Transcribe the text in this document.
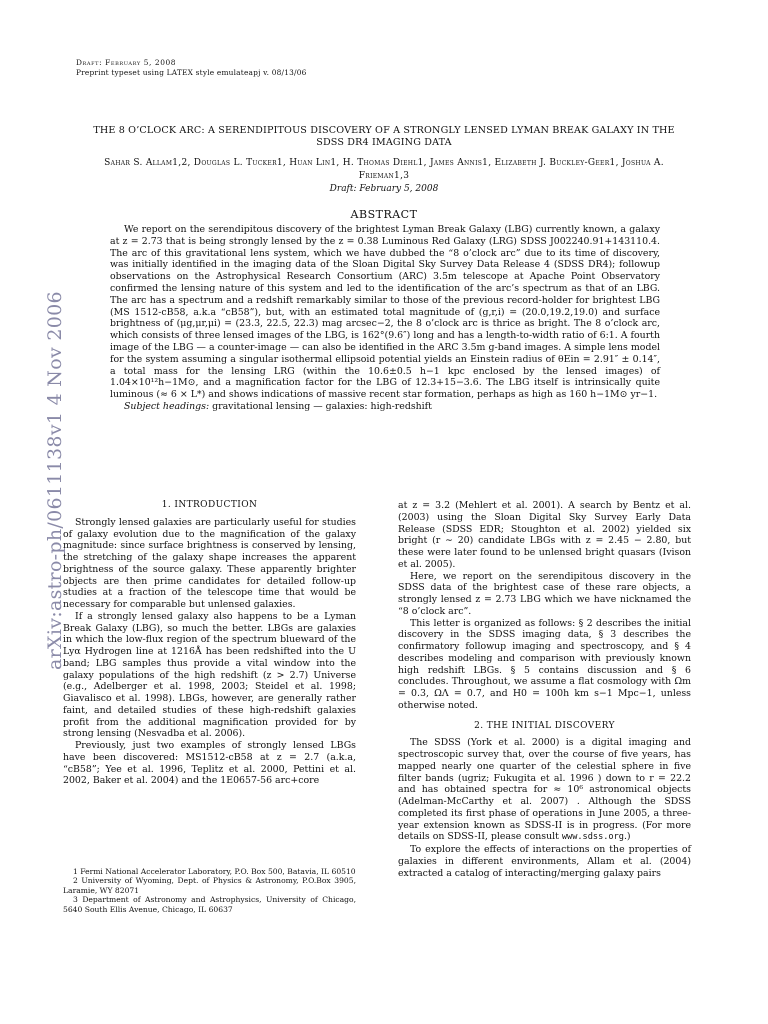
Draft: February 5, 2008
Preprint typeset using LATEX style emulateapj v. 08/13/06
arXiv:astro-ph/0611138v1 4 Nov 2006
THE 8 O’CLOCK ARC: A SERENDIPITOUS DISCOVERY OF A STRONGLY LENSED LYMAN BREAK GALAXY IN THE SDSS DR4 IMAGING DATA
Sahar S. Allam1,2, Douglas L. Tucker1, Huan Lin1, H. Thomas Diehl1, James Annis1, Elizabeth J. Buckley-Geer1, Joshua A. Frieman1,3
Draft: February 5, 2008
ABSTRACT

We report on the serendipitous discovery of the brightest Lyman Break Galaxy (LBG) currently known, a galaxy at z = 2.73 that is being strongly lensed by the z = 0.38 Luminous Red Galaxy (LRG) SDSS J002240.91+143110.4. The arc of this gravitational lens system, which we have dubbed the “8 o’clock arc” due to its time of discovery, was initially identified in the imaging data of the Sloan Digital Sky Survey Data Release 4 (SDSS DR4); followup observations on the Astrophysical Research Consortium (ARC) 3.5m telescope at Apache Point Observatory confirmed the lensing nature of this system and led to the identification of the arc’s spectrum as that of an LBG. The arc has a spectrum and a redshift remarkably similar to those of the previous record-holder for brightest LBG (MS 1512-cB58, a.k.a “cB58”), but, with an estimated total magnitude of (g,r,i) = (20.0,19.2,19.0) and surface brightness of (μg,μr,μi) = (23.3, 22.5, 22.3) mag arcsec−2, the 8 o’clock arc is thrice as bright. The 8 o’clock arc, which consists of three lensed images of the LBG, is 162°(9.6″) long and has a length-to-width ratio of 6:1. A fourth image of the LBG — a counter-image — can also be identified in the ARC 3.5m g-band images. A simple lens model for the system assuming a singular isothermal ellipsoid potential yields an Einstein radius of θEin = 2.91″ ± 0.14″, a total mass for the lensing LRG (within the 10.6±0.5 h−1 kpc enclosed by the lensed images) of 1.04×10¹²h−1M⊙, and a magnification factor for the LBG of 12.3+15−3.6. The LBG itself is intrinsically quite luminous (≈ 6 × L*) and shows indications of massive recent star formation, perhaps as high as 160 h−1M⊙ yr−1.

Subject headings: gravitational lensing — galaxies: high-redshift

1. INTRODUCTION

Strongly lensed galaxies are particularly useful for studies of galaxy evolution due to the magnification of the galaxy magnitude: since surface brightness is conserved by lensing, the stretching of the galaxy shape increases the apparent brightness of the source galaxy. These apparently brighter objects are then prime candidates for detailed follow-up studies at a fraction of the telescope time that would be necessary for comparable but unlensed galaxies.

If a strongly lensed galaxy also happens to be a Lyman Break Galaxy (LBG), so much the better. LBGs are galaxies in which the low-flux region of the spectrum blueward of the Lyα Hydrogen line at 1216Å has been redshifted into the U band; LBG samples thus provide a vital window into the galaxy populations of the high redshift (z > 2.7) Universe (e.g., Adelberger et al. 1998, 2003; Steidel et al. 1998; Giavalisco et al. 1998). LBGs, however, are generally rather faint, and detailed studies of these high-redshift galaxies profit from the additional magnification provided for by strong lensing (Nesvadba et al. 2006).

Previously, just two examples of strongly lensed LBGs have been discovered: MS1512-cB58 at z = 2.7 (a.k.a, “cB58”; Yee et al. 1996, Teplitz et al. 2000, Pettini et al. 2002, Baker et al. 2004) and the 1E0657-56 arc+core

1 Fermi National Accelerator Laboratory, P.O. Box 500, Batavia, IL 60510
2 University of Wyoming, Dept. of Physics & Astronomy, P.O.Box 3905, Laramie, WY 82071
3 Department of Astronomy and Astrophysics, University of Chicago, 5640 South Ellis Avenue, Chicago, IL 60637

at z = 3.2 (Mehlert et al. 2001). A search by Bentz et al. (2003) using the Sloan Digital Sky Survey Early Data Release (SDSS EDR; Stoughton et al. 2002) yielded six bright (r ∼ 20) candidate LBGs with z = 2.45 − 2.80, but these were later found to be unlensed bright quasars (Ivison et al. 2005).

Here, we report on the serendipitous discovery in the SDSS data of the brightest case of these rare objects, a strongly lensed z = 2.73 LBG which we have nicknamed the “8 o’clock arc”.

This letter is organized as follows: § 2 describes the initial discovery in the SDSS imaging data, § 3 describes the confirmatory followup imaging and spectroscopy, and § 4 describes modeling and comparison with previously known high redshift LBGs. § 5 contains discussion and § 6 concludes. Throughout, we assume a flat cosmology with Ωm = 0.3, ΩΛ = 0.7, and H0 = 100h km s−1 Mpc−1, unless otherwise noted.

2. THE INITIAL DISCOVERY

The SDSS (York et al. 2000) is a digital imaging and spectroscopic survey that, over the course of five years, has mapped nearly one quarter of the celestial sphere in five filter bands (ugriz; Fukugita et al. 1996 ) down to r = 22.2 and has obtained spectra for ≈ 10⁶ astronomical objects (Adelman-McCarthy et al. 2007) . Although the SDSS completed its first phase of operations in June 2005, a three-year extension known as SDSS-II is in progress. (For more details on SDSS-II, please consult www.sdss.org.)

To explore the effects of interactions on the properties of galaxies in different environments, Allam et al. (2004) extracted a catalog of interacting/merging galaxy pairs
